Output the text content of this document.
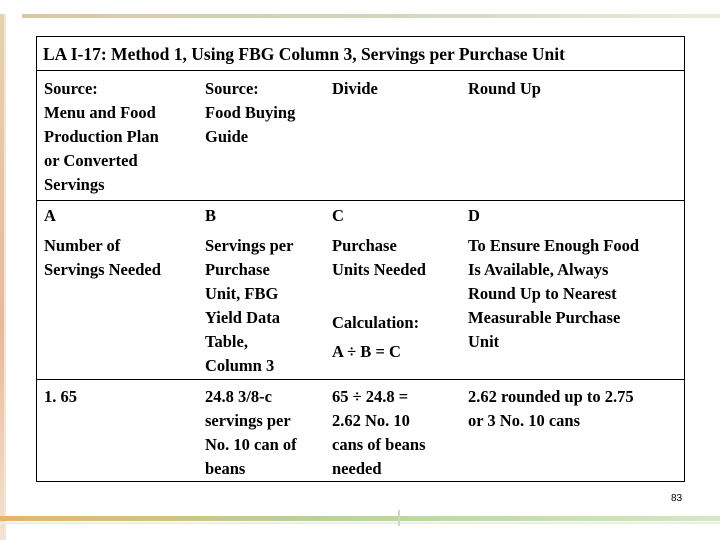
LA I-17: Method 1, Using FBG Column 3, Servings per Purchase Unit
Source:
Menu and Food
Production Plan
or Converted
Servings
Source:
Food Buying
Guide
Divide	Round Up
A
Number of
Servings Needed
B
Servings per
Purchase
Unit, FBG
Yield Data
Table,
Column 3
C
Purchase
Units Needed
Calculation:
A ÷ B = C
D
To Ensure Enough Food
Is Available, Always
Round Up to Nearest
Measurable Purchase
Unit
1. 65	24.8 3/8-c
servings per
No. 10 can of
beans
65 ÷ 24.8 =
2.62 No. 10
cans of beans
needed
2.62 rounded up to 2.75
or 3 No. 10 cans
83
